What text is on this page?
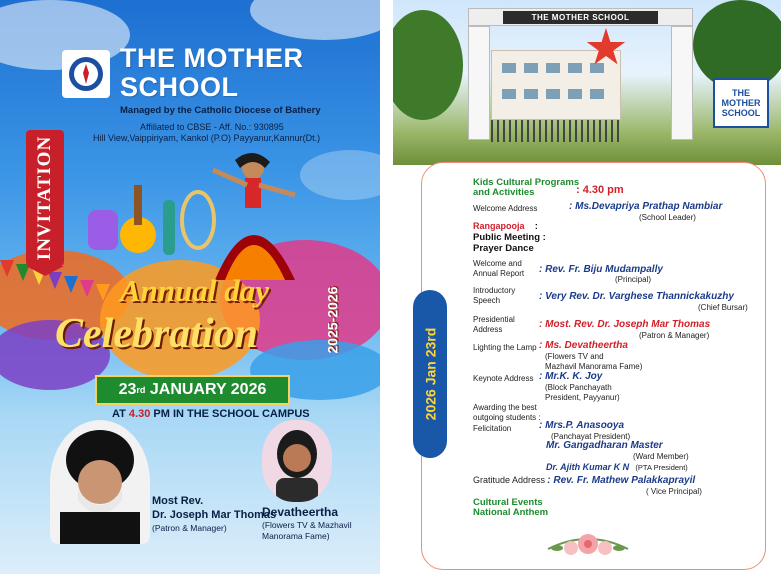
THE MOTHER
SCHOOL
Managed by the Catholic Diocese of Bathery
Affiliated to CBSE - Aff. No.: 930895
Hill View,Vaippiriyam, Kankol (P.O) Payyanur,Kannur(Dt.)
INVITATION
Annual day
Celebration	2025-2026
23 rd JANUARY 2026
AT 4.30 PM IN THE SCHOOL CAMPUS
Most Rev.
Dr. Joseph Mar Thomas
(Patron & Manager)
Devatheertha
(Flowers TV & Mazhavil Manorama Fame)
THE MOTHER SCHOOL
THE MOTHER
SCHOOL
2026 Jan 23rd
Kids Cultural Programs
and Activities	: 4.30 pm
Welcome Address	: Ms.Devapriya Prathap Nambiar
(School Leader)
Rangapooja :
Public Meeting :
Prayer Dance
Welcome and
Annual Report : Rev. Fr. Biju Mudampally
(Principal)
Introductory
Speech	: Very Rev. Dr. Varghese Thannickakuzhy
(Chief Bursar)
Presidential
Address	: Most. Rev. Dr. Joseph Mar Thomas
(Patron & Manager)
Lighting the Lamp : Ms. Devatheertha
(Flowers TV and
Mazhavil Manorama Fame)
Keynote Address : Mr.K. K. Joy
(Block Panchayath
President, Payyanur)
Awarding the best
outgoing students :
Felicitation	: Mrs.P. Anasooya
(Panchayat President)
Mr. Gangadharan Master
(Ward Member)
Dr. Ajith Kumar K N (PTA President)
Gratitude Address : Rev. Fr. Mathew Palakkaprayil
( Vice Principal)
Cultural Events
National Anthem
